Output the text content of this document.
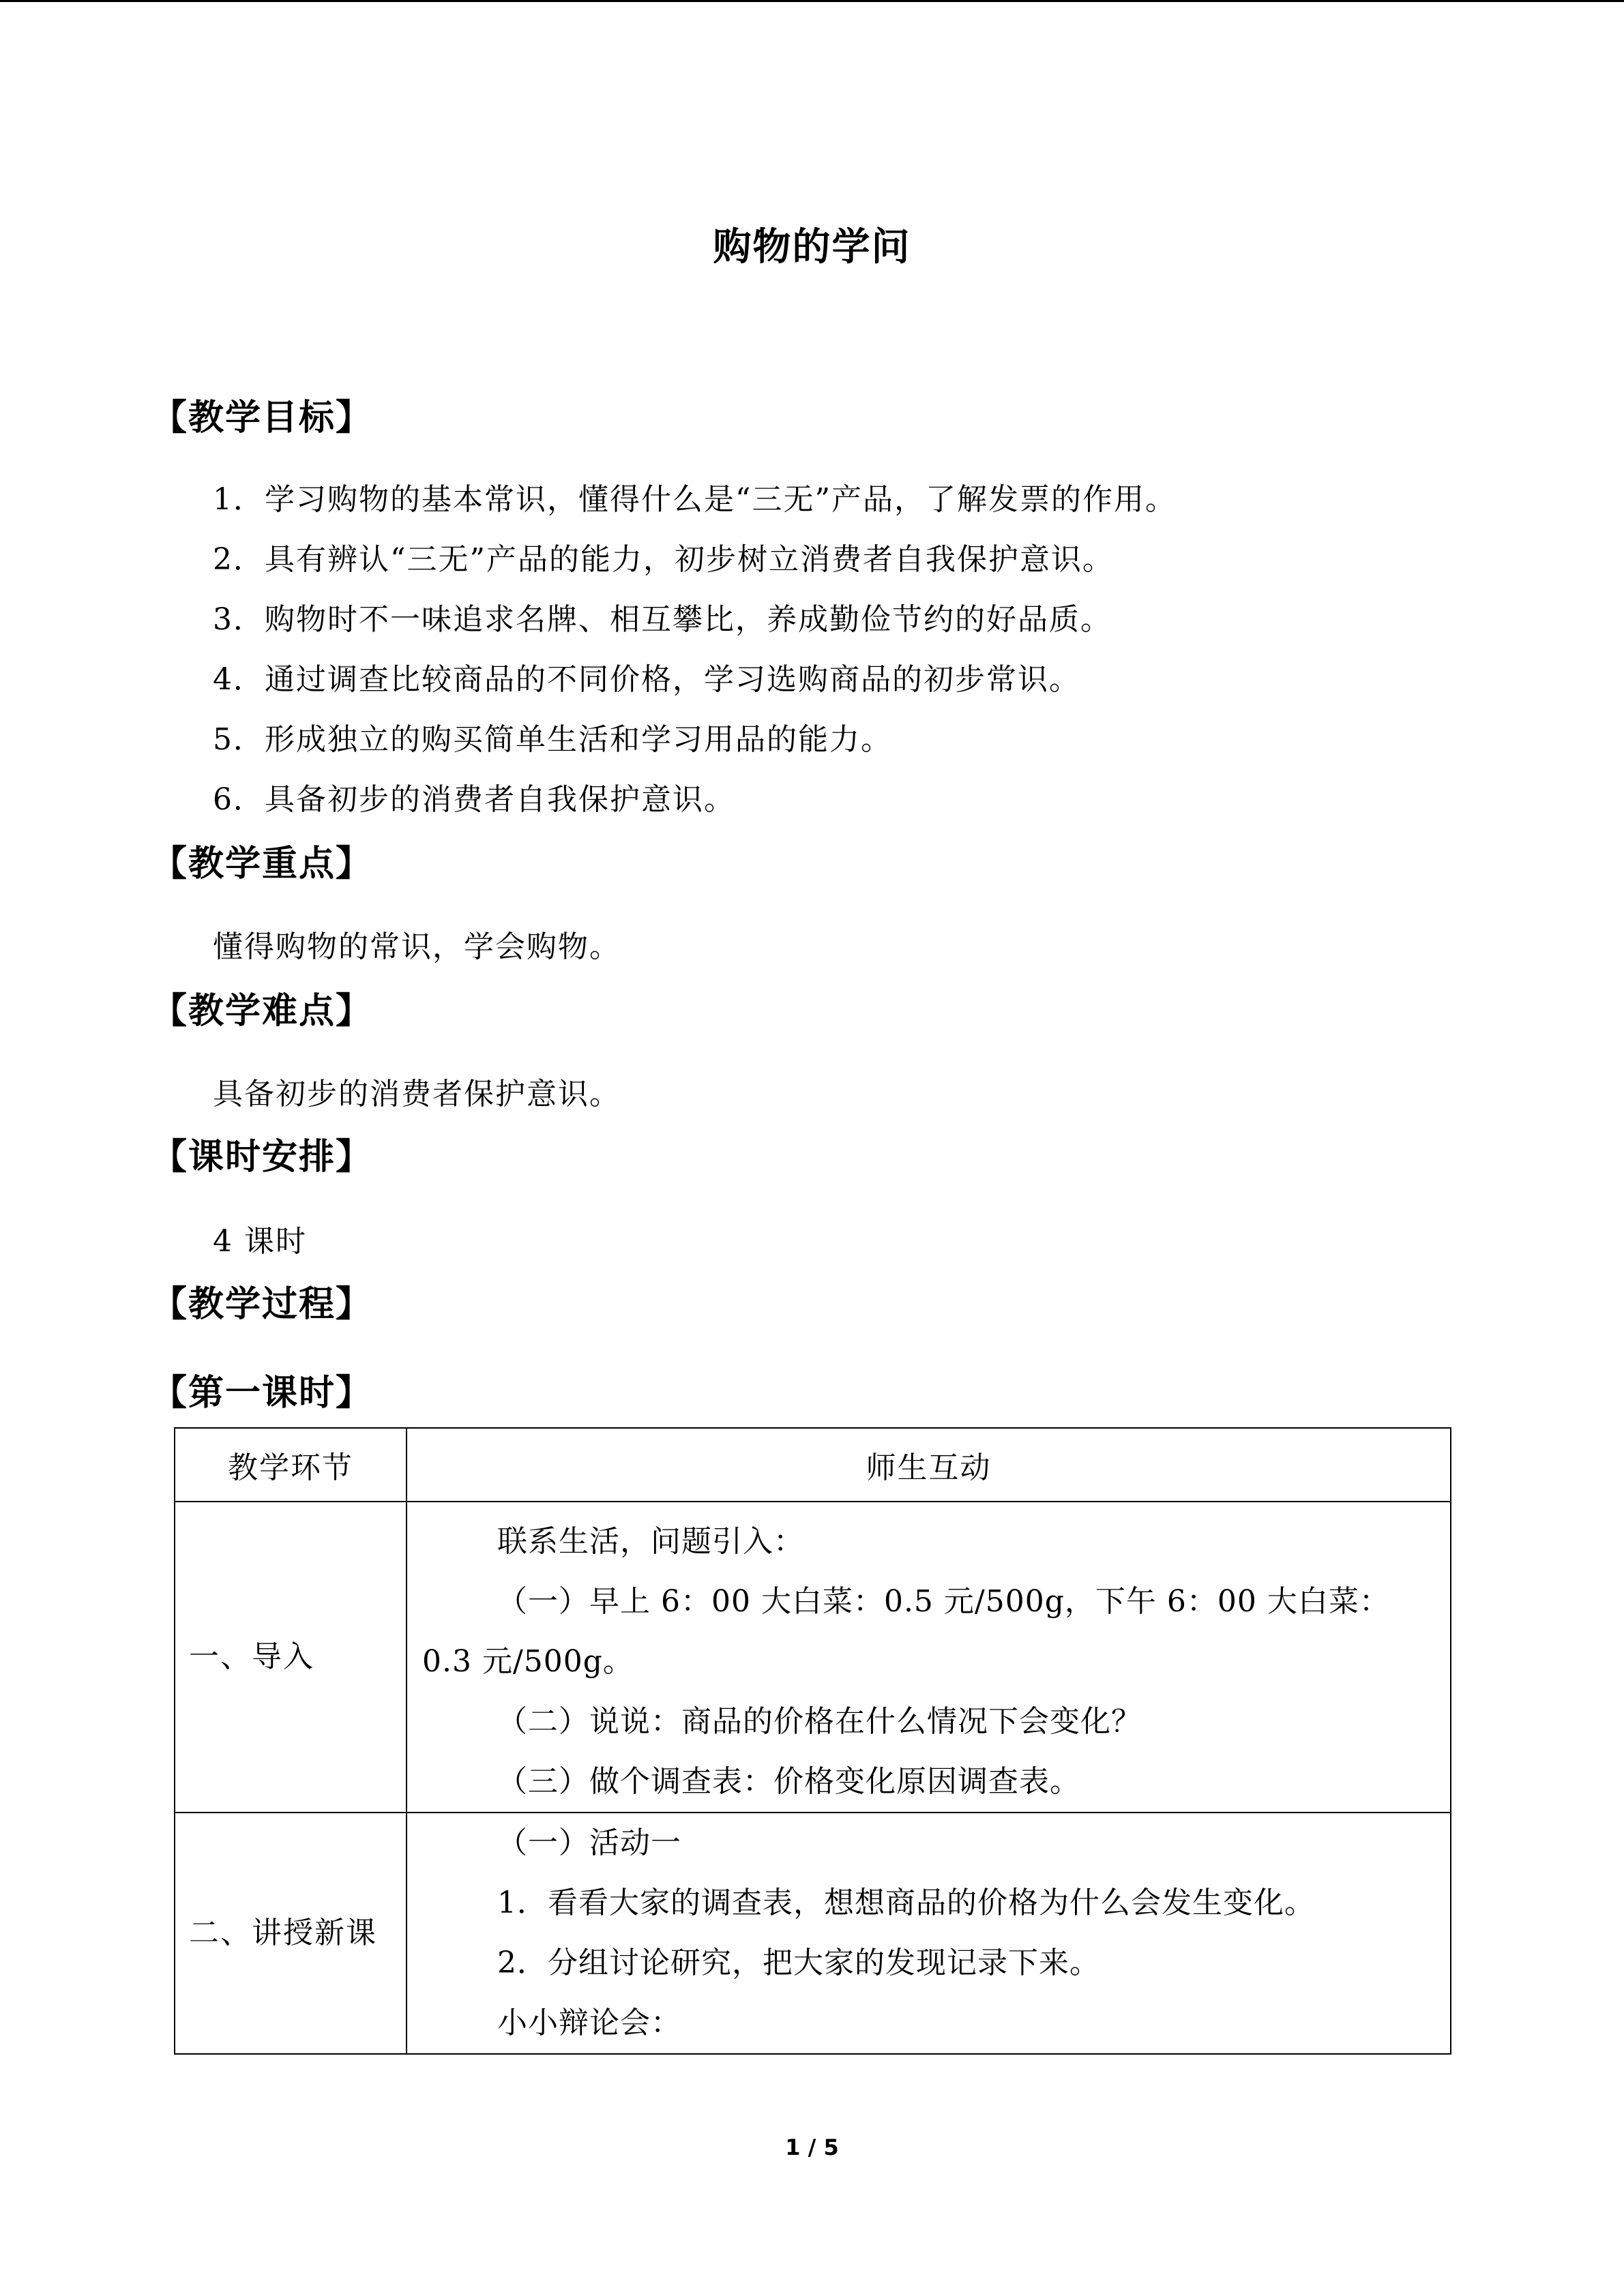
购物的学问
【教学目标】
1．学习购物的基本常识，懂得什么是“三无”产品，了解发票的作用。
2．具有辨认“三无”产品的能力，初步树立消费者自我保护意识。
3．购物时不一味追求名牌、相互攀比，养成勤俭节约的好品质。
4．通过调查比较商品的不同价格，学习选购商品的初步常识。
5．形成独立的购买简单生活和学习用品的能力。
6．具备初步的消费者自我保护意识。
【教学重点】
懂得购物的常识，学会购物。
【教学难点】
具备初步的消费者保护意识。
【课时安排】
4 课时
【教学过程】
【第一课时】
教学环节	师生互动
一、导入	联系生活，问题引入：
（一）早上 6：00 大白菜：0.5 元/500g，下午 6：00 大白菜：0.3 元/500g。
（二）说说：商品的价格在什么情况下会变化？
（三）做个调查表：价格变化原因调查表。

二、讲授新课	（一）活动一
1．看看大家的调查表，想想商品的价格为什么会发生变化。
2．分组讨论研究，把大家的发现记录下来。
小小辩论会：
1 / 5
